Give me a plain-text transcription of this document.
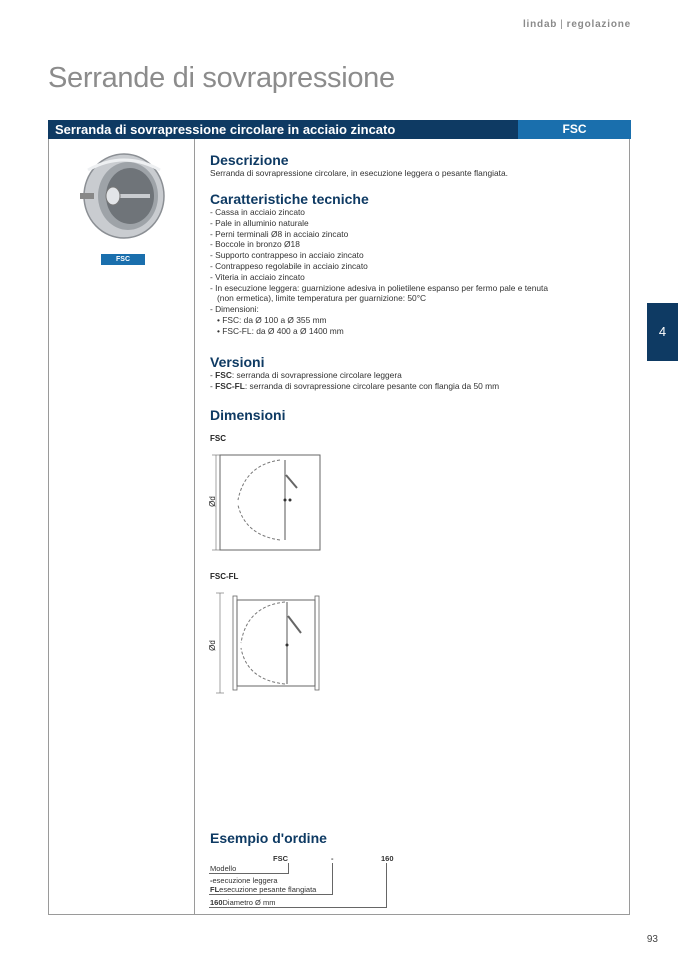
lindab | regolazione
Serrande di sovrapressione
Serranda di sovrapressione circolare in acciaio zincato	FSC
FSC
Descrizione
Serranda di sovrapressione circolare, in esecuzione leggera o pesante flangiata.
Caratteristiche tecniche
- Cassa in acciaio zincato
- Pale in alluminio naturale
- Perni terminali Ø8 in acciaio zincato
- Boccole in bronzo Ø18
- Supporto contrappeso in acciaio zincato
- Contrappeso regolabile in acciaio zincato
- Viteria in acciaio zincato
- In esecuzione leggera: guarnizione adesiva in polietilene espanso per fermo pale e tenuta
(non ermetica), limite temperatura per guarnizione: 50°C
- Dimensioni:
• FSC: da Ø 100 a Ø 355 mm
• FSC-FL: da Ø 400 a Ø 1400 mm
Versioni
- FSC: serranda di sovrapressione circolare leggera
- FSC-FL: serranda di sovrapressione circolare pesante con flangia da 50 mm
Dimensioni
FSC
Ød
FSC-FL
Ød
Esempio d'ordine
FSC	-	160
Modello
- esecuzione leggera
FL esecuzione pesante flangiata
160 Diametro Ø mm
4
93
